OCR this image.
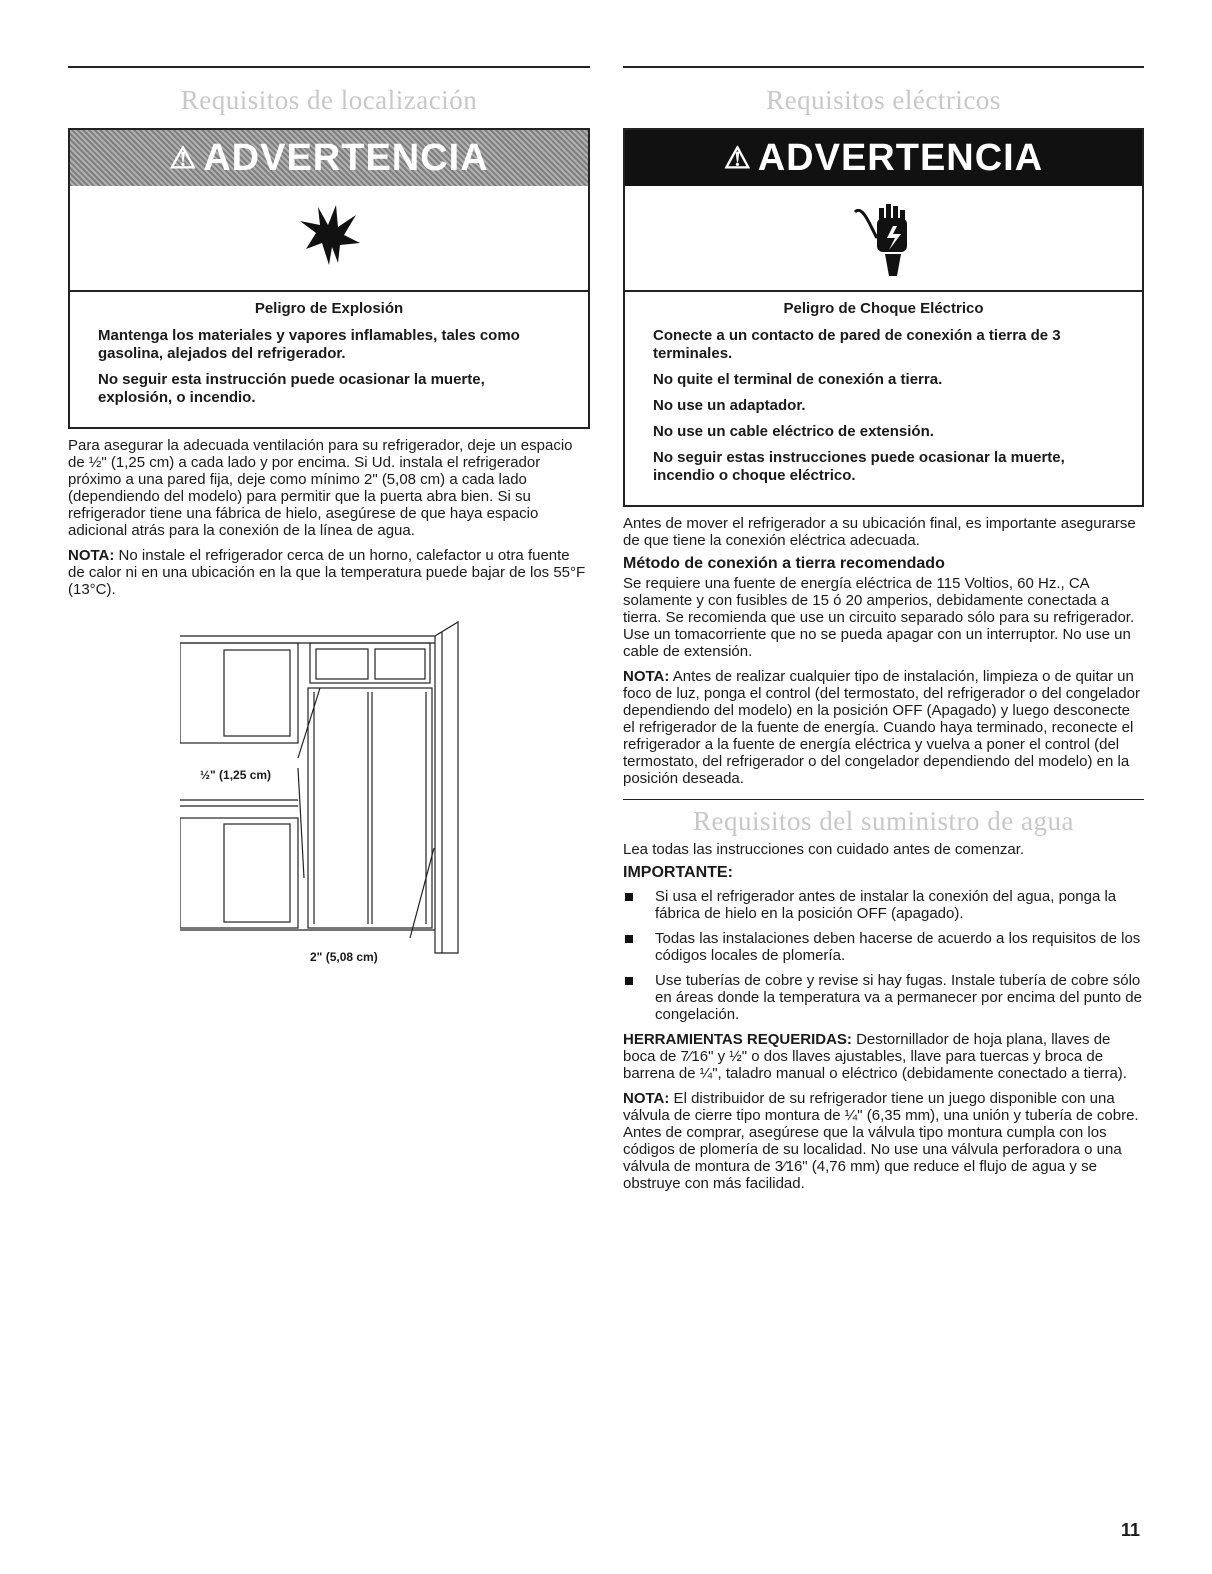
Requisitos de localización
⚠ ADVERTENCIA
Peligro de Explosión

Mantenga los materiales y vapores inflamables, tales como gasolina, alejados del refrigerador.

No seguir esta instrucción puede ocasionar la muerte, explosión, o incendio.

Para asegurar la adecuada ventilación para su refrigerador, deje un espacio de ½" (1,25 cm) a cada lado y por encima. Si Ud. instala el refrigerador próximo a una pared fija, deje como mínimo 2" (5,08 cm) a cada lado (dependiendo del modelo) para permitir que la puerta abra bien. Si su refrigerador tiene una fábrica de hielo, asegúrese de que haya espacio adicional atrás para la conexión de la línea de agua.

NOTA: No instale el refrigerador cerca de un horno, calefactor u otra fuente de calor ni en una ubicación en la que la temperatura puede bajar de los 55°F (13°C).

½" (1,25 cm)
2" (5,08 cm)
Requisitos eléctricos
⚠ ADVERTENCIA
Peligro de Choque Eléctrico

Conecte a un contacto de pared de conexión a tierra de 3 terminales.

No quite el terminal de conexión a tierra.

No use un adaptador.

No use un cable eléctrico de extensión.

No seguir estas instrucciones puede ocasionar la muerte, incendio o choque eléctrico.

Antes de mover el refrigerador a su ubicación final, es importante asegurarse de que tiene la conexión eléctrica adecuada.

Método de conexión a tierra recomendado

Se requiere una fuente de energía eléctrica de 115 Voltios, 60 Hz., CA solamente y con fusibles de 15 ó 20 amperios, debidamente conectada a tierra. Se recomienda que use un circuito separado sólo para su refrigerador. Use un tomacorriente que no se pueda apagar con un interruptor. No use un cable de extensión.

NOTA: Antes de realizar cualquier tipo de instalación, limpieza o de quitar un foco de luz, ponga el control (del termostato, del refrigerador o del congelador dependiendo del modelo) en la posición OFF (Apagado) y luego desconecte el refrigerador de la fuente de energía. Cuando haya terminado, reconecte el refrigerador a la fuente de energía eléctrica y vuelva a poner el control (del termostato, del refrigerador o del congelador dependiendo del modelo) en la posición deseada.

Requisitos del suministro de agua

Lea todas las instrucciones con cuidado antes de comenzar.

IMPORTANTE:
Si usa el refrigerador antes de instalar la conexión del agua, ponga la fábrica de hielo en la posición OFF (apagado).
Todas las instalaciones deben hacerse de acuerdo a los requisitos de los códigos locales de plomería.
Use tuberías de cobre y revise si hay fugas. Instale tubería de cobre sólo en áreas donde la temperatura va a permanecer por encima del punto de congelación.

HERRAMIENTAS REQUERIDAS: Destornillador de hoja plana, llaves de boca de 7⁄16" y ½" o dos llaves ajustables, llave para tuercas y broca de barrena de ¼", taladro manual o eléctrico (debidamente conectado a tierra).

NOTA: El distribuidor de su refrigerador tiene un juego disponible con una válvula de cierre tipo montura de ¼" (6,35 mm), una unión y tubería de cobre. Antes de comprar, asegúrese que la válvula tipo montura cumpla con los códigos de plomería de su localidad. No use una válvula perforadora o una válvula de montura de 3⁄16" (4,76 mm) que reduce el flujo de agua y se obstruye con más facilidad.

11
